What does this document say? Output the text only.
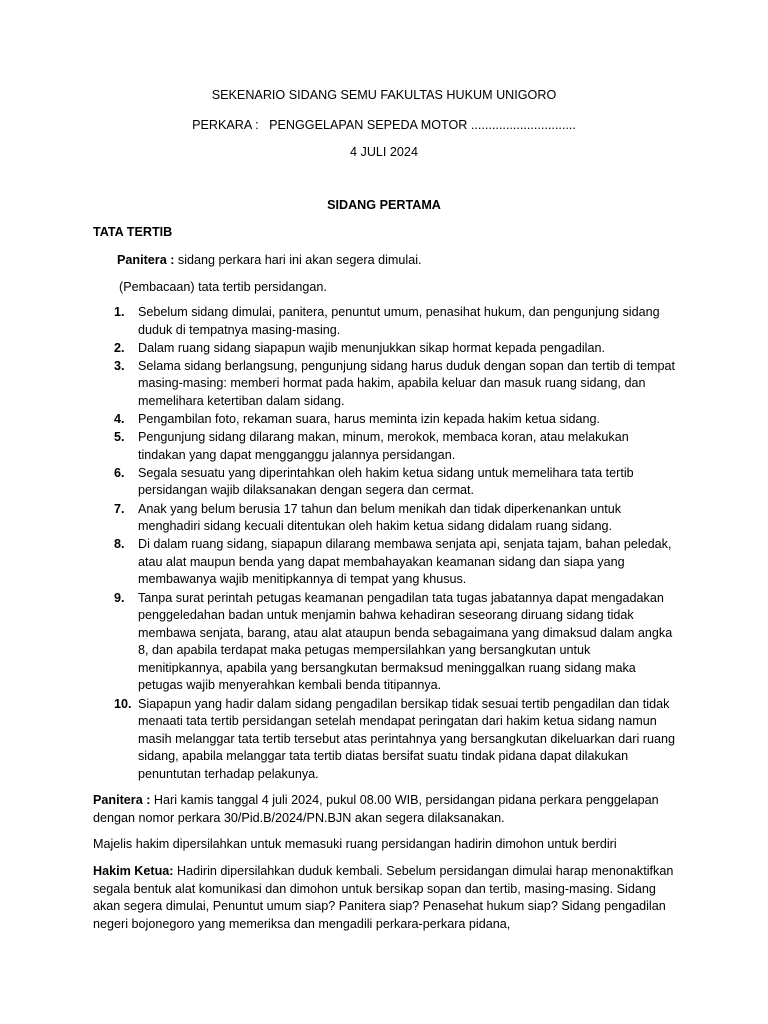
SEKENARIO SIDANG SEMU FAKULTAS HUKUM UNIGORO
PERKARA : PENGGELAPAN SEPEDA MOTOR ..............................
4 JULI 2024
SIDANG PERTAMA
TATA TERTIB
Panitera : sidang perkara hari ini akan segera dimulai.
(Pembacaan) tata tertib persidangan.
1. Sebelum sidang dimulai, panitera, penuntut umum, penasihat hukum, dan pengunjung sidang duduk di tempatnya masing-masing.
2. Dalam ruang sidang siapapun wajib menunjukkan sikap hormat kepada pengadilan.
3. Selama sidang berlangsung, pengunjung sidang harus duduk dengan sopan dan tertib di tempat masing-masing: memberi hormat pada hakim, apabila keluar dan masuk ruang sidang, dan memelihara ketertiban dalam sidang.
4. Pengambilan foto, rekaman suara, harus meminta izin kepada hakim ketua sidang.
5. Pengunjung sidang dilarang makan, minum, merokok, membaca koran, atau melakukan tindakan yang dapat mengganggu jalannya persidangan.
6. Segala sesuatu yang diperintahkan oleh hakim ketua sidang untuk memelihara tata tertib persidangan wajib dilaksanakan dengan segera dan cermat.
7. Anak yang belum berusia 17 tahun dan belum menikah dan tidak diperkenankan untuk menghadiri sidang kecuali ditentukan oleh hakim ketua sidang didalam ruang sidang.
8. Di dalam ruang sidang, siapapun dilarang membawa senjata api, senjata tajam, bahan peledak, atau alat maupun benda yang dapat membahayakan keamanan sidang dan siapa yang membawanya wajib menitipkannya di tempat yang khusus.
9. Tanpa surat perintah petugas keamanan pengadilan tata tugas jabatannya dapat mengadakan penggeledahan badan untuk menjamin bahwa kehadiran seseorang diruang sidang tidak membawa senjata, barang, atau alat ataupun benda sebagaimana yang dimaksud dalam angka 8, dan apabila terdapat maka petugas mempersilahkan yang bersangkutan untuk menitipkannya, apabila yang bersangkutan bermaksud meninggalkan ruang sidang maka petugas wajib menyerahkan kembali benda titipannya.
10. Siapapun yang hadir dalam sidang pengadilan bersikap tidak sesuai tertib pengadilan dan tidak menaati tata tertib persidangan setelah mendapat peringatan dari hakim ketua sidang namun masih melanggar tata tertib tersebut atas perintahnya yang bersangkutan dikeluarkan dari ruang sidang, apabila melanggar tata tertib diatas bersifat suatu tindak pidana dapat dilakukan penuntutan terhadap pelakunya.
Panitera : Hari kamis tanggal 4 juli 2024, pukul 08.00 WIB, persidangan pidana perkara penggelapan dengan nomor perkara 30/Pid.B/2024/PN.BJN akan segera dilaksanakan.
Majelis hakim dipersilahkan untuk memasuki ruang persidangan hadirin dimohon untuk berdiri
Hakim Ketua: Hadirin dipersilahkan duduk kembali. Sebelum persidangan dimulai harap menonaktifkan segala bentuk alat komunikasi dan dimohon untuk bersikap sopan dan tertib, masing-masing. Sidang akan segera dimulai, Penuntut umum siap? Panitera siap? Penasehat hukum siap? Sidang pengadilan negeri bojonegoro yang memeriksa dan mengadili perkara-perkara pidana,
